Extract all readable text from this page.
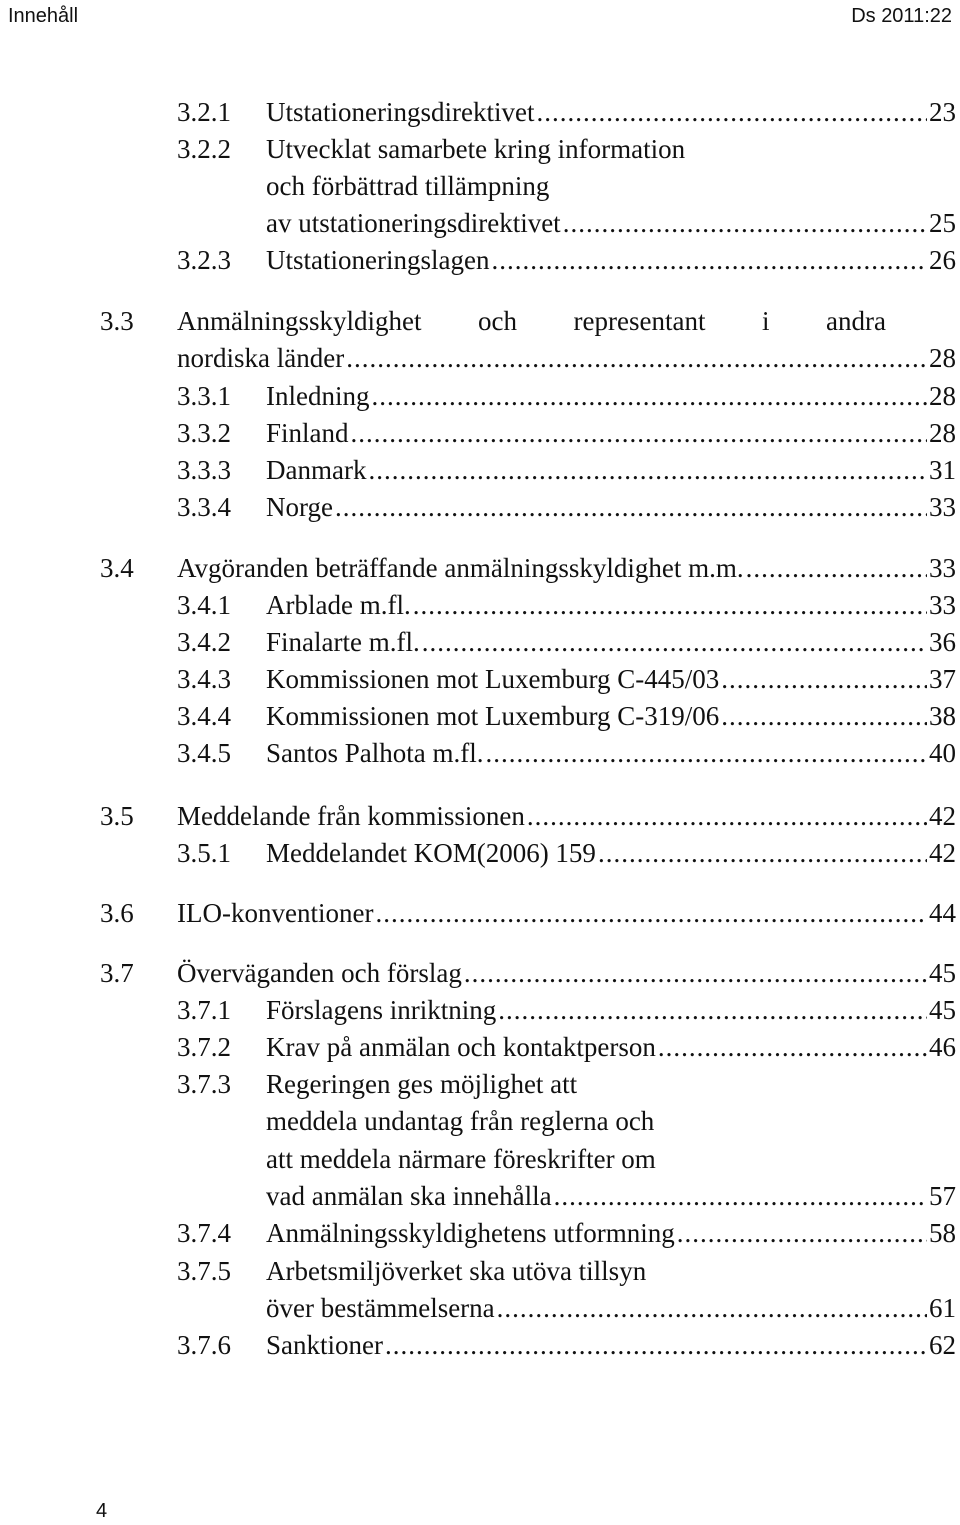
Innehåll	Ds 2011:22
3.2.1 Utstationeringsdirektivet .....	23
3.2.2 Utvecklat samarbete kring information
och förbättrad tillämpning
av utstationeringsdirektivet .....	25
3.2.3 Utstationeringslagen .....	26
3.3 Anmälningsskyldighet och representant i andra
nordiska länder .....	28
3.3.1 Inledning .....	28
3.3.2 Finland .....	28
3.3.3 Danmark .....	31
3.3.4 Norge .....	33
3.4 Avgöranden beträffande anmälningsskyldighet m.m. .....	33
3.4.1 Arblade m.fl. .....	33
3.4.2 Finalarte m.fl. .....	36
3.4.3 Kommissionen mot Luxemburg C-445/03 .....	37
3.4.4 Kommissionen mot Luxemburg C-319/06 .....	38
3.4.5 Santos Palhota m.fl. .....	40
3.5 Meddelande från kommissionen .....	42
3.5.1 Meddelandet KOM(2006) 159 .....	42
3.6 ILO-konventioner .....	44
3.7 Överväganden och förslag .....	45
3.7.1 Förslagens inriktning .....	45
3.7.2 Krav på anmälan och kontaktperson .....	46
3.7.3 Regeringen ges möjlighet att
meddela undantag från reglerna och
att meddela närmare föreskrifter om
vad anmälan ska innehålla .....	57
3.7.4 Anmälningsskyldighetens utformning .....	58
3.7.5 Arbetsmiljöverket ska utöva tillsyn
över bestämmelserna .....	61
3.7.6 Sanktioner .....	62
4
